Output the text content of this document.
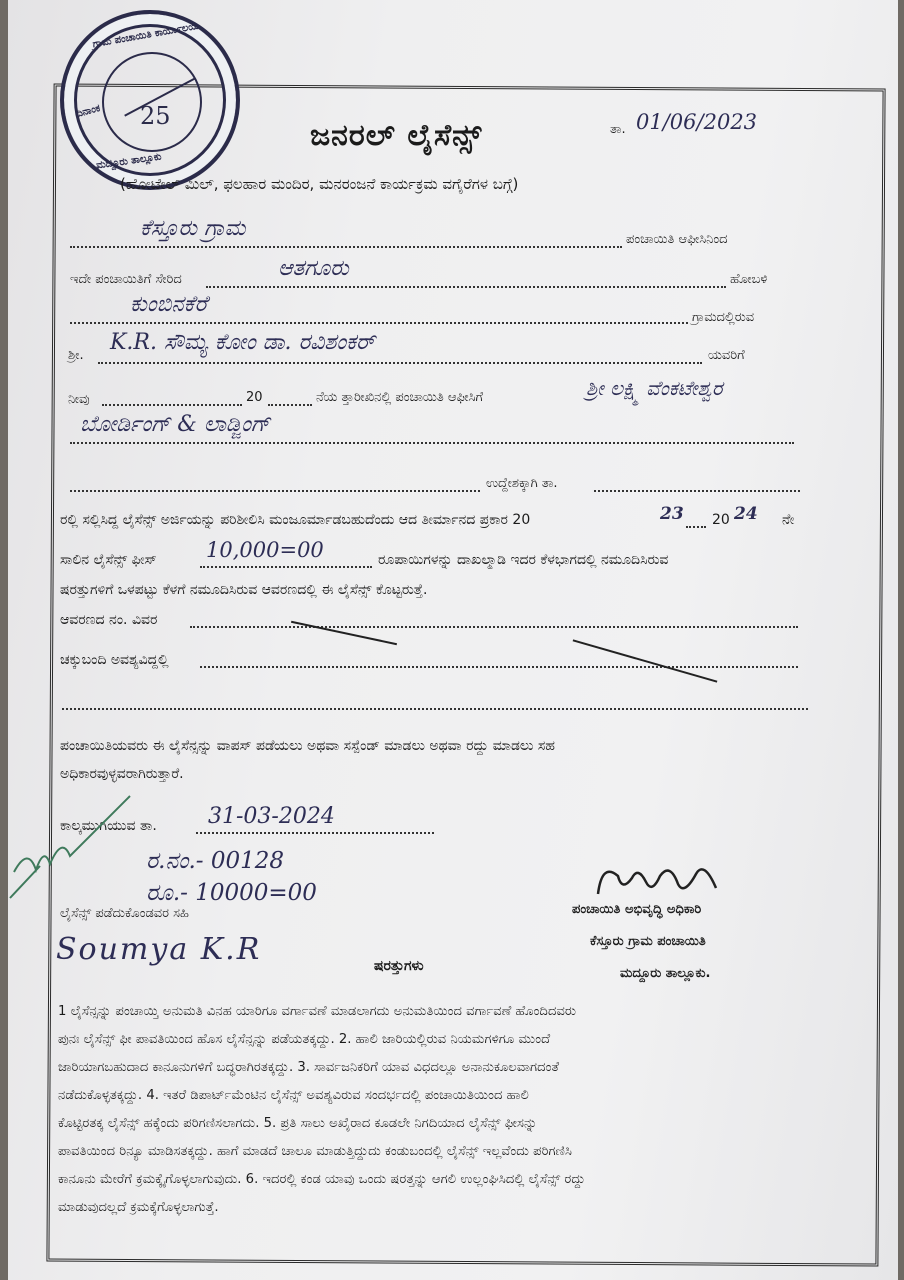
25
ಗ್ರಾಮ ಪಂಚಾಯಿತಿ ಕಾರ್ಯಾಲಯ
ಮದ್ದೂರು ತಾಲ್ಲೂಕು
ದಿನಾಂಕ
ಜನರಲ್ ಲೈಸೆನ್ಸ್	ತಾ. 01/06/2023
(ಹೋಟೇಲ್ ಮಿಲ್, ಫಲಹಾರ ಮಂದಿರ, ಮನರಂಜನೆ ಕಾರ್ಯಕ್ರಮ ವಗೈರೆಗಳ ಬಗ್ಗೆ)
ಕೆಸ್ತೂರು ಗ್ರಾಮ	ಪಂಚಾಯಿತಿ ಆಫೀಸಿನಿಂದ
ಇದೇ ಪಂಚಾಯಿತಿಗೆ ಸೇರಿದ	ಆತಗೂರು	ಹೋಬಳಿ
ಕುಂಬಿನಕೆರೆ
ಗ್ರಾಮದಲ್ಲಿರುವ
ಶ್ರೀ.
K.R. ಸೌಮ್ಯ ಕೋಂ ಡಾ. ರವಿಶಂಕರ್
ಯವರಿಗೆ
ನೀವು	20	ನೆಯ ತ್ತಾರೀಖಿನಲ್ಲಿ ಪಂಚಾಯಿತಿ ಆಫೀಸಿಗೆ	ಶ್ರೀ ಲಕ್ಷ್ಮಿ ವೆಂಕಟೇಶ್ವರ
ಬೋರ್ಡಿಂಗ್ & ಲಾಡ್ಜಿಂಗ್
ಉದ್ದೇಶಕ್ಕಾಗಿ ತಾ.
ರಲ್ಲಿ ಸಲ್ಲಿಸಿದ್ದ ಲೈಸೆನ್ಸ್ ಅರ್ಜಿಯನ್ನು ಪರಿಶೀಲಿಸಿ ಮಂಜೂರ್ಮಾಡಬಹುದೆಂದು ಆದ ತೀರ್ಮಾನದ ಪ್ರಕಾರ 20	23 20 24 ನೇ
ಸಾಲಿನ ಲೈಸೆನ್ಸ್ ಫೀಸ್ 10,000=00	ರೂಪಾಯಿಗಳನ್ನು ದಾಖಲ್ಮಾಡಿ ಇದರ ಕೆಳಭಾಗದಲ್ಲಿ ನಮೂದಿಸಿರುವ
ಷರತ್ತುಗಳಿಗೆ ಒಳಪಟ್ಟು ಕೆಳಗೆ ನಮೂದಿಸಿರುವ ಆವರಣದಲ್ಲಿ ಈ ಲೈಸೆನ್ಸ್ ಕೊಟ್ಟರುತ್ತೆ.
ಆವರಣದ ನಂ. ವಿವರ
ಚಕ್ಕುಬಂದಿ ಅವಶ್ಯವಿದ್ದಲ್ಲಿ
ಪಂಚಾಯಿತಿಯವರು ಈ ಲೈಸೆನ್ಸನ್ನು ವಾಪಸ್ ಪಡೆಯಲು ಅಥವಾ ಸಸ್ಪೆಂಡ್ ಮಾಡಲು ಅಥವಾ ರದ್ದು ಮಾಡಲು ಸಹ
ಅಧಿಕಾರವುಳ್ಳವರಾಗಿರುತ್ತಾರೆ.
ಕಾಲ್ಕಮುಗಿಯುವ ತಾ. 31-03-2024
ರ.ನಂ.- 00128
ರೂ.- 10000=00
ಪಂಚಾಯಿತಿ ಅಭಿವೃದ್ಧಿ ಅಧಿಕಾರಿ
ಕೆಸ್ತೂರು ಗ್ರಾಮ ಪಂಚಾಯಿತಿ
ಮದ್ದೂರು ತಾಲ್ಲೂಕು.
ಲೈಸೆನ್ಸ್ ಪಡೆದುಕೊಂಡವರ ಸಹಿ
Soumya K.R	ಷರತ್ತುಗಳು
1 ಲೈಸೆನ್ಸನ್ನು ಪಂಚಾಯ್ತಿ ಅನುಮತಿ ವಿನಹ ಯಾರಿಗೂ ವರ್ಗಾವಣೆ ಮಾಡಲಾಗದು ಅನುಮತಿಯಿಂದ ವರ್ಗಾವಣೆ ಹೊಂದಿದವರು
ಪುನಃ ಲೈಸೆನ್ಸ್ ಫೀ ಪಾವತಿಯಿಂದ ಹೊಸ ಲೈಸೆನ್ಸನ್ನು ಪಡೆಯತಕ್ಕದ್ದು. 2. ಹಾಲಿ ಜಾರಿಯಲ್ಲಿರುವ ನಿಯಮಗಳಿಗೂ ಮುಂದೆ
ಜಾರಿಯಾಗಬಹುದಾದ ಕಾನೂನುಗಳಿಗೆ ಬದ್ಧರಾಗಿರತಕ್ಕದ್ದು. 3. ಸಾರ್ವಜನಿಕರಿಗೆ ಯಾವ ವಿಧದಲ್ಲೂ ಅನಾನುಕೂಲವಾಗದಂತೆ
ನಡೆದುಕೊಳ್ಳತಕ್ಕದ್ದು. 4. ಇತರೆ ಡಿಪಾರ್ಟ್‌ಮೆಂಟಿನ ಲೈಸೆನ್ಸ್ ಅವಶ್ಯವಿರುವ ಸಂದರ್ಭದಲ್ಲಿ ಪಂಚಾಯಿತಿಯಿಂದ ಹಾಲಿ
ಕೊಟ್ಟಿರತಕ್ಕ ಲೈಸೆನ್ಸ್ ಹಕ್ಕೆಂದು ಪರಿಗಣಿಸಲಾಗದು. 5. ಪ್ರತಿ ಸಾಲು ಅಖೈರಾದ ಕೂಡಲೇ ನಿಗದಿಯಾದ ಲೈಸೆನ್ಸ್ ಫೀಸನ್ನು
ಪಾವತಿಯಿಂದ ರಿನ್ಯೂ ಮಾಡಿಸತಕ್ಕದ್ದು. ಹಾಗೆ ಮಾಡದೆ ಚಾಲೂ ಮಾಡುತ್ತಿದ್ದುದು ಕಂಡುಬಂದಲ್ಲಿ ಲೈಸೆನ್ಸ್ ಇಲ್ಲವೆಂದು ಪರಿಗಣಿಸಿ
ಕಾನೂನು ಮೇರೆಗೆ ಕ್ರಮಕ್ಕೈಗೊಳ್ಳಲಾಗುವುದು. 6. ಇದರಲ್ಲಿ ಕಂಡ ಯಾವು ಒಂದು ಷರತ್ತನ್ನು ಆಗಲಿ ಉಲ್ಲಂಘಿಸಿದಲ್ಲಿ ಲೈಸೆನ್ಸ್ ರದ್ದು
ಮಾಡುವುದಲ್ಲದೆ ಕ್ರಮಕ್ಕೆಗೊಳ್ಳಲಾಗುತ್ತೆ.
